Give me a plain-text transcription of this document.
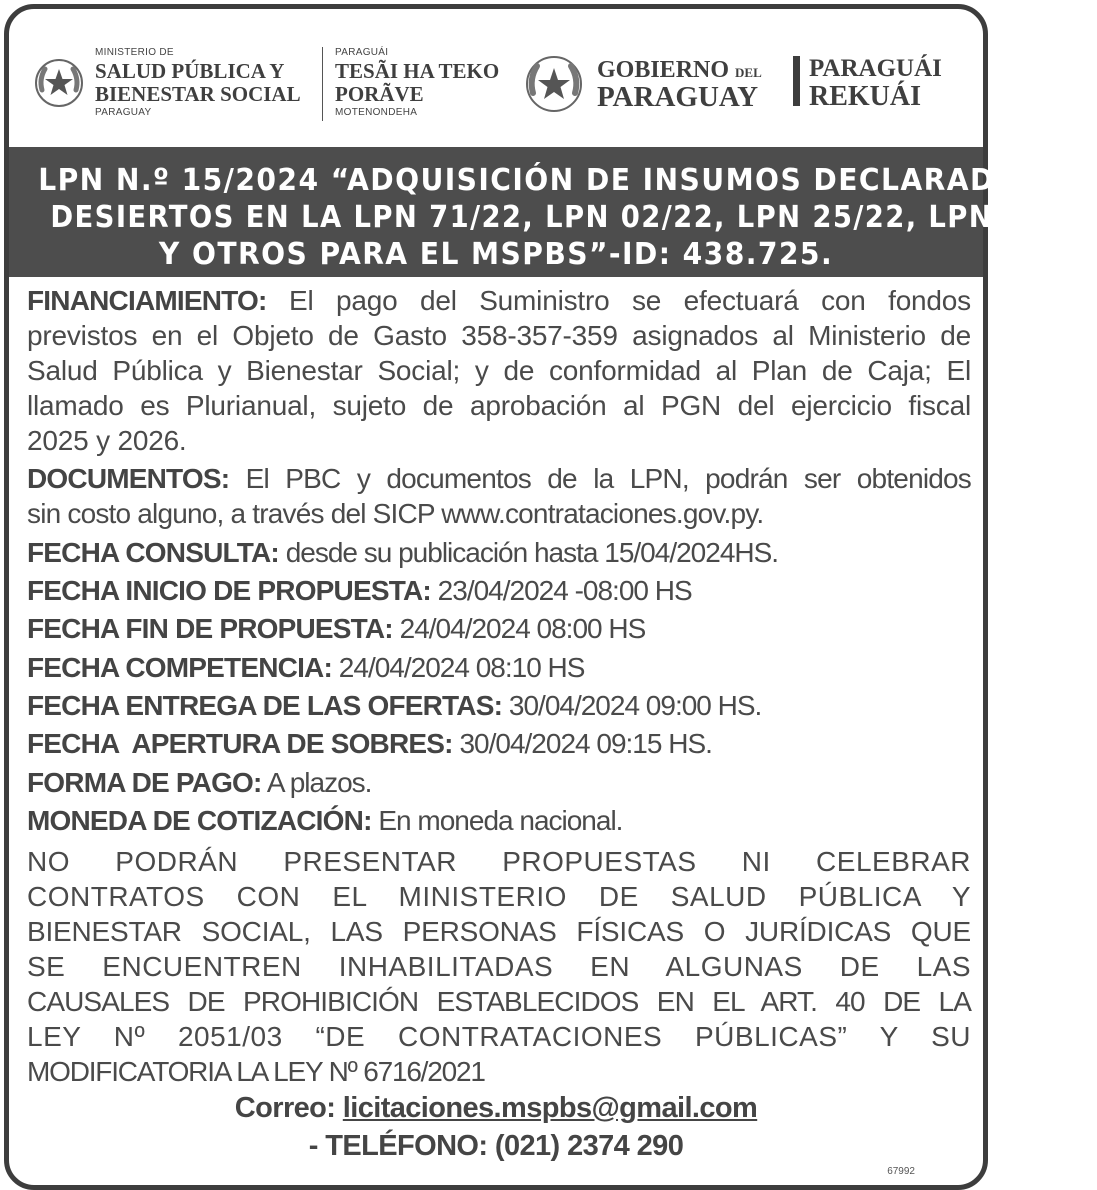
MINISTERIO DE
SALUD PÚBLICA Y
BIENESTAR SOCIAL
PARAGUAY
PARAGUÁI
TESÃI HA TEKO
PORÃVE
MOTENONDEHA
GOBIERNO DEL
PARAGUAY
PARAGUÁI
REKUÁI
LPN N.º 15/2024 “ADQUISICIÓN DE INSUMOS DECLARADOS
DESIERTOS EN LA LPN 71/22, LPN 02/22, LPN 25/22, LPN 16/23
Y OTROS PARA EL MSPBS”-ID: 438.725.
FINANCIAMIENTO: El pago del Suministro se efectuará con fondos
previstos en el Objeto de Gasto 358-357-359 asignados al Ministerio de
Salud Pública y Bienestar Social; y de conformidad al Plan de Caja; El
llamado es Plurianual, sujeto de aprobación al PGN del ejercicio fiscal
2025 y 2026.
DOCUMENTOS: El PBC y documentos de la LPN, podrán ser obtenidos
sin costo alguno, a través del SICP www.contrataciones.gov.py.
FECHA CONSULTA: desde su publicación hasta 15/04/2024HS.
FECHA INICIO DE PROPUESTA: 23/04/2024 -08:00 HS
FECHA FIN DE PROPUESTA: 24/04/2024 08:00 HS
FECHA COMPETENCIA: 24/04/2024 08:10 HS
FECHA ENTREGA DE LAS OFERTAS: 30/04/2024 09:00 HS.
FECHA  APERTURA DE SOBRES: 30/04/2024 09:15 HS.
FORMA DE PAGO: A plazos.
MONEDA DE COTIZACIÓN: En moneda nacional.
NO PODRÁN PRESENTAR PROPUESTAS NI CELEBRAR
CONTRATOS CON EL MINISTERIO DE SALUD PÚBLICA Y
BIENESTAR SOCIAL, LAS PERSONAS FÍSICAS O JURÍDICAS QUE
SE ENCUENTREN INHABILITADAS EN ALGUNAS DE LAS
CAUSALES DE PROHIBICIÓN ESTABLECIDOS EN EL ART. 40 DE LA
LEY Nº 2051/03 “DE CONTRATACIONES PÚBLICAS” Y SU
MODIFICATORIA LA LEY Nº 6716/2021
Correo: licitaciones.mspbs@gmail.com
- TELÉFONO: (021) 2374 290
67992
